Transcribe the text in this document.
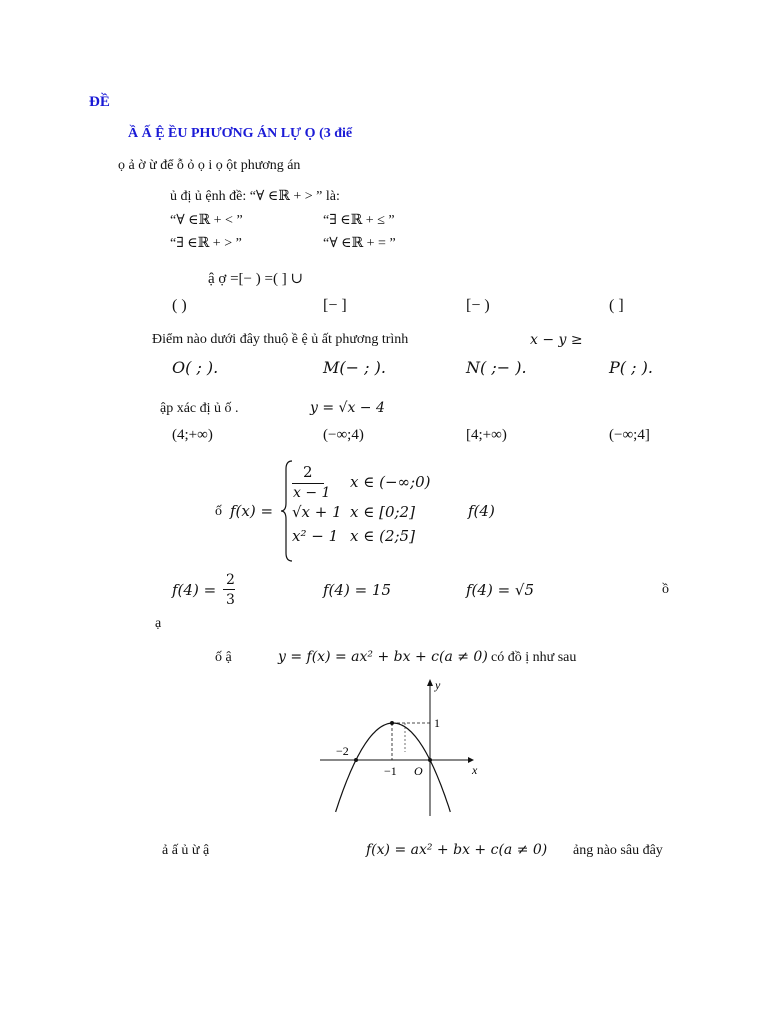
ĐỀ
Ầ Ấ Ệ ỀU PHƯƠNG ÁN LỰ Ọ (3 điể
ọ ả ờ ừ để ỗ ỏ ọ i ọ ột phương án
ủ đị ủ ệnh đề: “∀ ∈ℝ + > ” là:
“∀ ∈ℝ + < ”	“∃ ∈ℝ + ≤ ”
“∃ ∈ℝ + > ”	“∀ ∈ℝ + = ”
ậ ợ =[− ) =( ] ∪
( )	[− ]	[− )	( ]
Điểm nào dưới đây thuộ ề ệ ủ ất phương trình	x − y ≥
O( ; ).	M(− ; ).	N( ;− ).	P( ; ).
ập xác đị ủ ố .	y = √x − 4
(4;+∞)	(−∞;4)	[4;+∞)	(−∞;4]
ố f(x) =
2
x − 1
x ∈ (−∞;0)
√x + 1 x ∈ [0;2]
x² − 1 x ∈ (2;5]
f(4)
f(4) =
2
3
f(4) = 15	f(4) = √5	ồ
ạ
ố ậ	y = f(x) = ax² + bx + c(a ≠ 0) có đồ ị như sau
x
y
O
−2
−1
1
ả ấ ủ ừ ậ	f(x) = ax² + bx + c(a ≠ 0) ảng nào sâu đây
